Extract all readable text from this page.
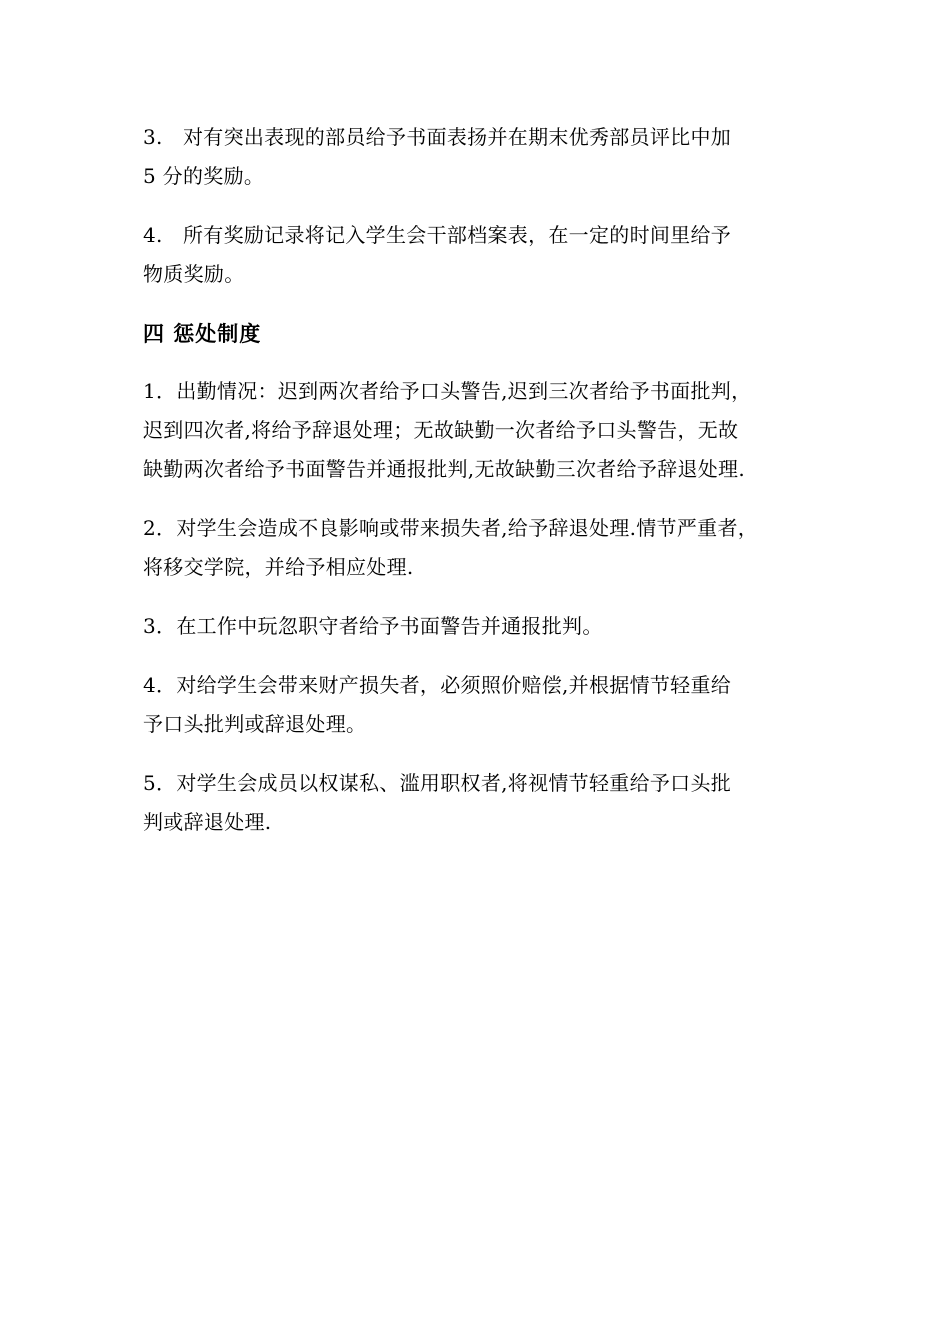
3.　对有突出表现的部员给予书面表扬并在期末优秀部员评比中加
5 分的奖励。
4.　所有奖励记录将记入学生会干部档案表，在一定的时间里给予
物质奖励。
四 惩处制度
1．出勤情况：迟到两次者给予口头警告,迟到三次者给予书面批判，
迟到四次者,将给予辞退处理；无故缺勤一次者给予口头警告，无故
缺勤两次者给予书面警告并通报批判,无故缺勤三次者给予辞退处理.
2．对学生会造成不良影响或带来损失者,给予辞退处理.情节严重者，
将移交学院，并给予相应处理.
3．在工作中玩忽职守者给予书面警告并通报批判。
4．对给学生会带来财产损失者，必须照价赔偿,并根据情节轻重给
予口头批判或辞退处理。
5．对学生会成员以权谋私、滥用职权者,将视情节轻重给予口头批
判或辞退处理.
